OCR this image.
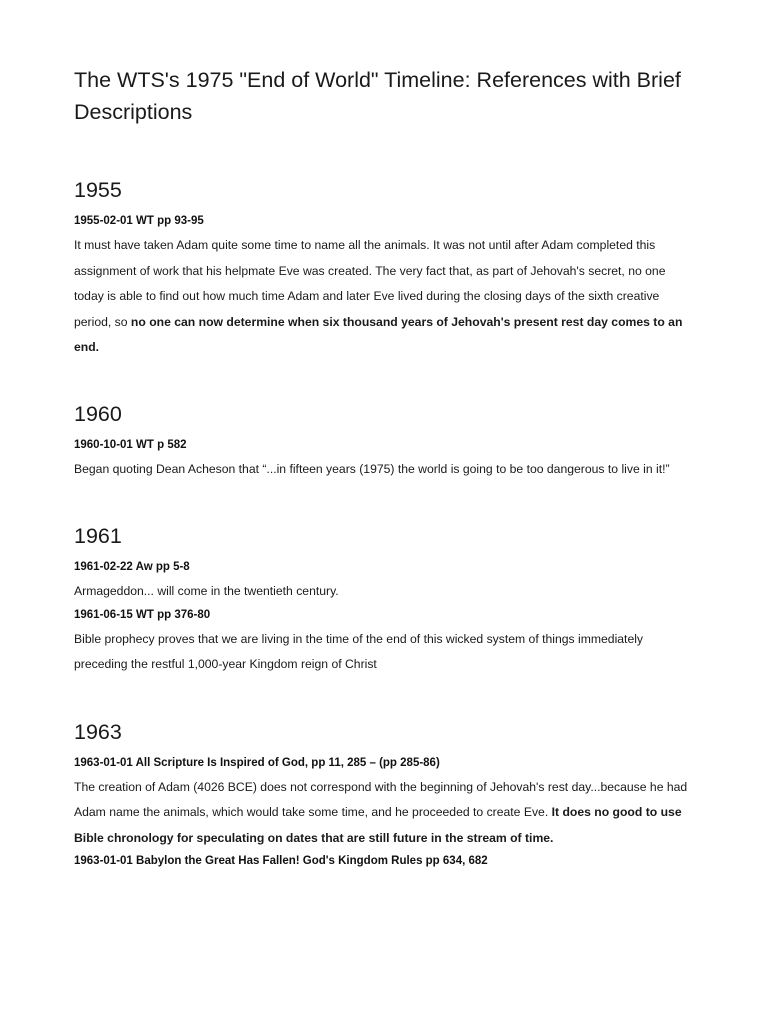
The WTS's 1975 "End of World" Timeline: References with Brief Descriptions
1955

1955-02-01 WT pp 93-95

It must have taken Adam quite some time to name all the animals. It was not until after Adam completed this assignment of work that his helpmate Eve was created. The very fact that, as part of Jehovah's secret, no one today is able to find out how much time Adam and later Eve lived during the closing days of the sixth creative period, so no one can now determine when six thousand years of Jehovah's present rest day comes to an end.

1960

1960-10-01 WT p 582

Began quoting Dean Acheson that “...in fifteen years (1975) the world is going to be too dangerous to live in it!”

1961

1961-02-22 Aw pp 5-8

Armageddon... will come in the twentieth century.

1961-06-15 WT pp 376-80

Bible prophecy proves that we are living in the time of the end of this wicked system of things immediately preceding the restful 1,000-year Kingdom reign of Christ

1963

1963-01-01 All Scripture Is Inspired of God, pp 11, 285 – (pp 285-86)

The creation of Adam (4026 BCE) does not correspond with the beginning of Jehovah's rest day...because he had Adam name the animals, which would take some time, and he proceeded to create Eve. It does no good to use Bible chronology for speculating on dates that are still future in the stream of time.

1963-01-01 Babylon the Great Has Fallen! God's Kingdom Rules pp 634, 682
